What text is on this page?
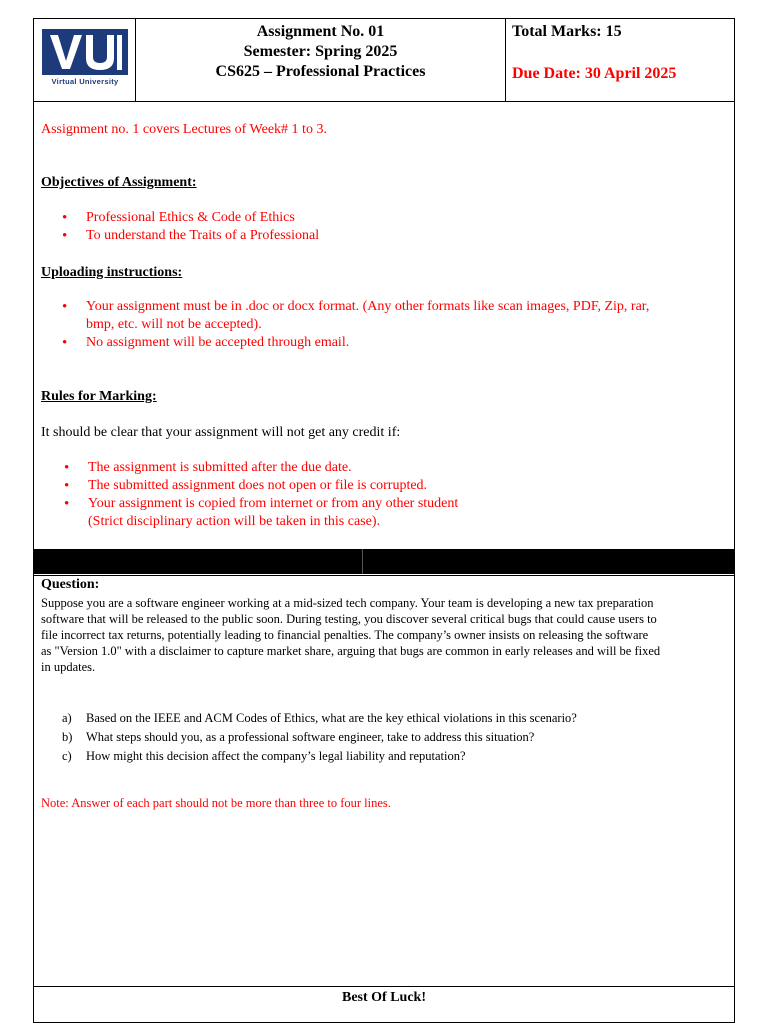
Virtual University
Assignment No. 01
Semester: Spring 2025
CS625 – Professional Practices
Total Marks: 15
Due Date: 30 April 2025
Assignment no. 1 covers Lectures of Week# 1 to 3.
Objectives of Assignment:
• Professional Ethics & Code of Ethics
• To understand the Traits of a Professional
Uploading instructions:
• Your assignment must be in .doc or docx format. (Any other formats like scan images, PDF, Zip, rar,
bmp, etc. will not be accepted).
• No assignment will be accepted through email.
Rules for Marking:
It should be clear that your assignment will not get any credit if:
• The assignment is submitted after the due date.
• The submitted assignment does not open or file is corrupted.
• Your assignment is copied from internet or from any other student
(Strict disciplinary action will be taken in this case).
Question:

Suppose you are a software engineer working at a mid-sized tech company. Your team is developing a new tax preparation

software that will be released to the public soon. During testing, you discover several critical bugs that could cause users to

file incorrect tax returns, potentially leading to financial penalties. The company’s owner insists on releasing the software

as "Version 1.0" with a disclaimer to capture market share, arguing that bugs are common in early releases and will be fixed

in updates.

a) Based on the IEEE and ACM Codes of Ethics, what are the key ethical violations in this scenario?
b) What steps should you, as a professional software engineer, take to address this situation?
c) How might this decision affect the company’s legal liability and reputation?
Note: Answer of each part should not be more than three to four lines.
Best Of Luck!
